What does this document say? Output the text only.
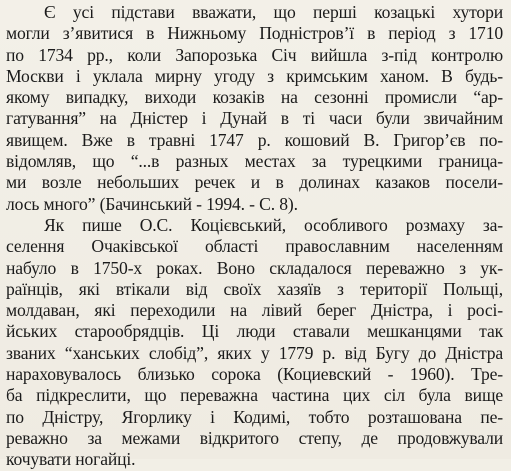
Є усі підстави вважати, що перші козацькі хутори
могли з’явитися в Нижньому Подністров’ї в період з 1710
по 1734 рр., коли Запорозька Січ вийшла з-під контролю
Москви і уклала мирну угоду з кримським ханом. В будь-
якому випадку, виходи козаків на сезонні промисли “ар-
гатування” на Дністер і Дунай в ті часи були звичайним
явищем. Вже в травні 1747 р. кошовий В. Григор’єв по-
відомляв, що “...в разных местах за турецкими граница-
ми возле небольших речек и в долинах казаков посели-
лось много” (Бачинський - 1994. - С. 8).
Як пише О.С. Коцієвський, особливого розмаху за-
селення Очаківської області православним населенням
набуло в 1750-х роках. Воно складалося переважно з ук-
раїнців, які втікали від своїх хазяїв з території Польщі,
молдаван, які переходили на лівий берег Дністра, і росі-
йських старообрядців. Ці люди ставали мешканцями так
званих “ханських слобід”, яких у 1779 р. від Бугу до Дністра
нараховувалось близько сорока (Коциевский - 1960). Тре-
ба підкреслити, що переважна частина цих сіл була вище
по Дністру, Ягорлику і Кодимі, тобто розташована пе-
реважно за межами відкритого степу, де продовжували
кочувати ногайці.
